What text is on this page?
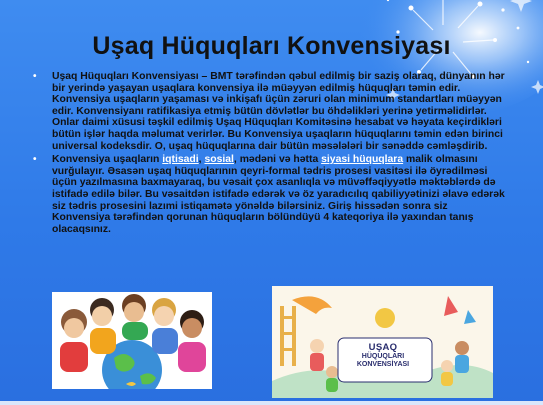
Uşaq Hüquqları Konvensiyası

• Uşaq Hüquqları Konvensiyası – BMT tərəfindən qəbul edilmiş bir saziş olaraq, dünyanın hər bir yerində yaşayan uşaqlara konvensiya ilə müəyyən edilmiş hüquqları təmin edir. Konvensiya uşaqların yaşaması və inkişafı üçün zəruri olan minimum standartları müəyyən edir. Konvensiyanı ratifikasiya etmiş bütün dövlətlər bu öhdəlikləri yerinə yetirməlidirlər. Onlar daimi xüsusi təşkil edilmiş Uşaq Hüquqları Komitəsinə hesabat və həyata keçirdikləri bütün işlər haqda məlumat verirlər. Bu Konvensiya uşaqların hüquqlarını təmin edən birinci universal kodeksdir. O, uşaq hüquqlarına dair bütün məsələləri bir sənəddə cəmləşdirib.

• Konvensiya uşaqların iqtisadi, sosial, mədəni və həttа siyasi hüquqlara malik olmasını vurğulayır. Əsasən uşaq hüquqlarının qeyri-formal tədris prosesi vasitəsi ilə öyrədilməsi üçün yazılmasına baxmayaraq, bu vəsait çox asanlıqla və müvəffəqiyyətlə məktəblərdə də istifadə edilə bilər. Bu vəsaitdən istifadə edərək və öz yaradıcılıq qabiliyyətinizi əlavə edərək siz tədris prosesini lazımi istiqamətə yönəldə bilərsiniz. Giriş hissədən sonra siz Konvensiya tərəfindən qorunan hüquqların bölündüyü 4 kateqoriya ilə yaxından tanış olacaqsınız.

UŞAQ
HÜQUQLARI
KONVENSİYASI
